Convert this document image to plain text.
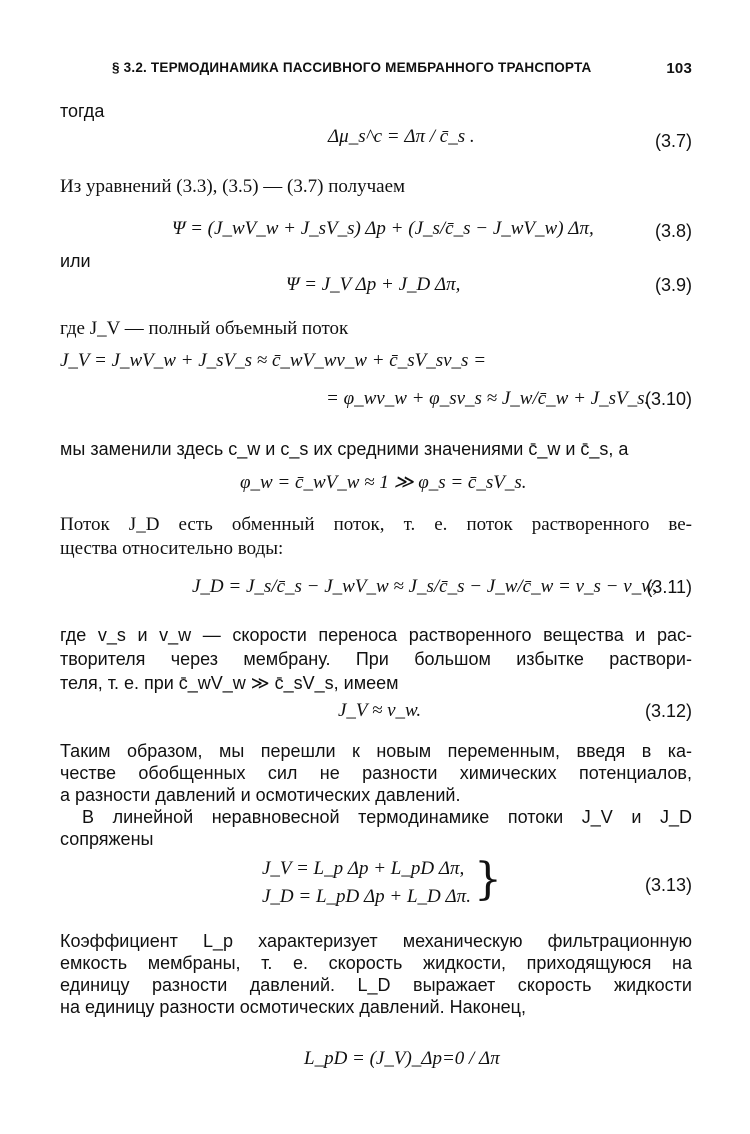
§ 3.2. ТЕРМОДИНАМИКА ПАССИВНОГО МЕМБРАННОГО ТРАНСПОРТА	103
тогда
Δμ_s^c = Δπ / c̄_s .	(3.7)
Из уравнений (3.3), (3.5) — (3.7) получаем
Ψ = (J_wV_w + J_sV_s) Δp + (J_s/c̄_s − J_wV_w) Δπ,	(3.8)
или
Ψ = J_V Δp + J_D Δπ,	(3.9)
где J_V — полный объемный поток
J_V = J_wV_w + J_sV_s ≈ c̄_wV_wv_w + c̄_sV_sv_s =
= φ_wv_w + φ_sv_s ≈ J_w/c̄_w + J_sV_s.
(3.10)
мы заменили здесь c_w и c_s их средними значениями c̄_w и c̄_s, а
φ_w = c̄_wV_w ≈ 1 ≫ φ_s = c̄_sV_s.
Поток J_D есть обменный поток, т. е. поток растворенного ве-
щества относительно воды:
J_D = J_s/c̄_s − J_wV_w ≈ J_s/c̄_s − J_w/c̄_w = v_s − v_w,
(3.11)
где v_s и v_w — скорости переноса растворенного вещества и рас-
творителя через мембрану. При большом избытке раствори-
теля, т. е. при c̄_wV_w ≫ c̄_sV_s, имеем
J_V ≈ v_w.	(3.12)
Таким образом, мы перешли к новым переменным, введя в ка-
честве обобщенных сил не разности химических потенциалов,
а разности давлений и осмотических давлений.
В линейной неравновесной термодинамике потоки J_V и J_D
сопряжены
J_V = L_p Δp + L_pD Δπ,
J_D = L_pD Δp + L_D Δπ. }	(3.13)
Коэффициент L_p характеризует механическую фильтрационную
емкость мембраны, т. е. скорость жидкости, приходящуюся на
единицу разности давлений. L_D выражает скорость жидкости
на единицу разности осмотических давлений. Наконец,
L_pD = (J_V)_Δp=0 / Δπ
